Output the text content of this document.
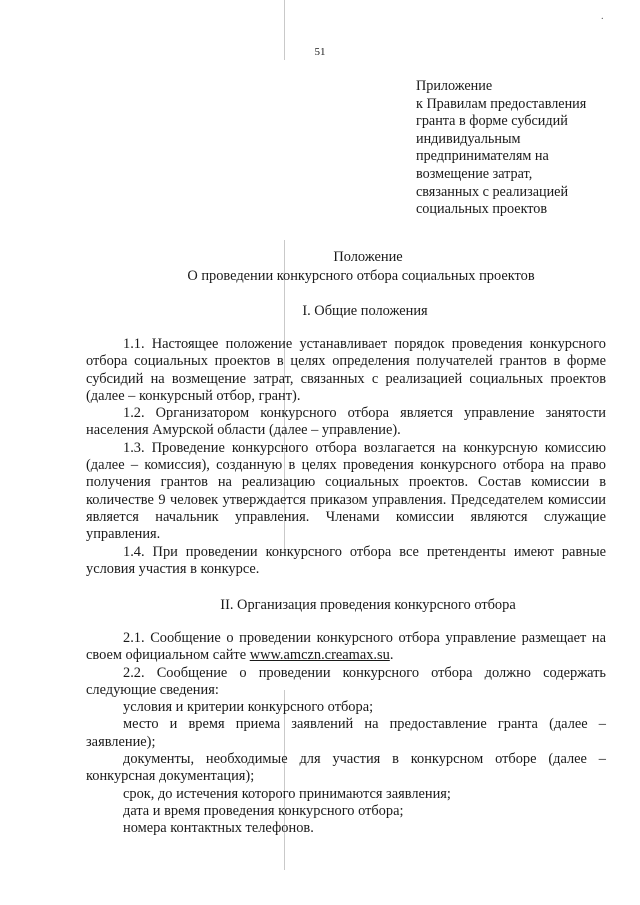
·
51
Приложение
к Правилам предоставления
гранта в форме субсидий
индивидуальным
предпринимателям на
возмещение затрат,
связанных с реализацией
социальных проектов
Положение
О проведении конкурсного отбора социальных проектов
I. Общие положения

1.1. Настоящее положение устанавливает порядок проведения конкурсного отбора социальных проектов в целях определения получателей грантов в форме субсидий на возмещение затрат, связанных с реализацией социальных проектов (далее – конкурсный отбор, грант).

1.2. Организатором конкурсного отбора является управление занятости населения Амурской области (далее – управление).

1.3. Проведение конкурсного отбора возлагается на конкурсную комиссию (далее – комиссия), созданную в целях проведения конкурсного отбора на право получения грантов на реализацию социальных проектов. Состав комиссии в количестве 9 человек утверждается приказом управления. Председателем комиссии является начальник управления. Членами комиссии являются служащие управления.

1.4. При проведении конкурсного отбора все претенденты имеют равные условия участия в конкурсе.

II. Организация проведения конкурсного отбора

2.1. Сообщение о проведении конкурсного отбора управление размещает на своем официальном сайте www.amczn.creamax.su.

2.2. Сообщение о проведении конкурсного отбора должно содержать следующие сведения:

условия и критерии конкурсного отбора;

место и время приема заявлений на предоставление гранта (далее – заявление);

документы, необходимые для участия в конкурсном отборе (далее – конкурсная документация);

срок, до истечения которого принимаются заявления;

дата и время проведения конкурсного отбора;

номера контактных телефонов.
